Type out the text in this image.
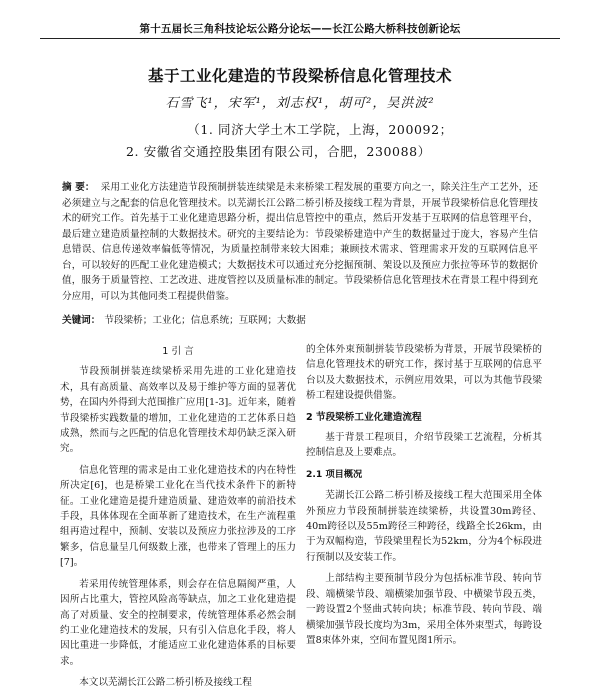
第十五届长三角科技论坛公路分论坛——长江公路大桥科技创新论坛
基于工业化建造的节段梁桥信息化管理技术
石雪飞¹，宋军¹，刘志权¹，胡可²，吴洪波²
（1. 同济大学土木工学院，上海，200092；
2. 安徽省交通控股集团有限公司，合肥，230088）
摘 要： 采用工业化方法建造节段预制拼装连续梁是未来桥梁工程发展的重要方向之一，除关注生产工艺外，还必须建立与之配套的信息化管理技术。以芜湖长江公路二桥引桥及接线工程为背景，开展节段梁桥信息化管理技术的研究工作。首先基于工业化建造思路分析，提出信息管控中的重点，然后开发基于互联网的信息管理平台，最后建立建造质量控制的大数据技术。研究的主要结论为：节段梁桥建造中产生的数据量过于庞大，容易产生信息错误、信息传递效率偏低等情况，为质量控制带来较大困难；兼顾技术需求、管理需求开发的互联网信息平台，可以较好的匹配工业化建造模式；大数据技术可以通过充分挖掘预制、架设以及预应力张拉等环节的数据价值，服务于质量管控、工艺改进、进度管控以及质量标准的制定。节段梁桥信息化管理技术在背景工程中得到充分应用，可以为其他同类工程提供借鉴。
关键词： 节段梁桥；工业化；信息系统；互联网；大数据
1 引 言

节段预制拼装连续梁桥采用先进的工业化建造技术，具有高质量、高效率以及易于维护等方面的显著优势，在国内外得到大范围推广应用[1-3]。近年来，随着节段梁桥实践数量的增加，工业化建造的工艺体系日趋成熟，然而与之匹配的信息化管理技术却仍缺乏深入研究。

信息化管理的需求是由工业化建造技术的内在特性所决定[6]，也是桥梁工业化在当代技术条件下的新特征。工业化建造是提升建造质量、建造效率的前沿技术手段，具体体现在全面革新了建造技术，在生产流程重组再造过程中，预制、安装以及预应力张拉涉及的工序繁多，信息量呈几何级数上涨，也带来了管理上的压力[7]。

若采用传统管理体系，则会存在信息隔阂严重，人因所占比重大，管控风险高等缺点，加之工业化建造提高了对质量、安全的控制要求，传统管理体系必然会制约工业化建造技术的发展，只有引入信息化手段，将人因比重进一步降低，才能适应工业化建造体系的目标要求。

本文以芜湖长江公路二桥引桥及接线工程

的全体外束预制拼装节段梁桥为背景，开展节段梁桥的信息化管理技术的研究工作，探讨基于互联网的信息平台以及大数据技术，示例应用效果，可以为其他节段梁桥工程建设提供借鉴。

2 节段梁桥工业化建造流程

基于背景工程项目，介绍节段梁工艺流程，分析其控制信息及上要难点。

2.1 项目概况

芜湖长江公路二桥引桥及接线工程大范围采用全体外预应力节段预制拼装连续梁桥，共设置30m跨径、40m跨径以及55m跨径三种跨径，线路全长26km，由于为双幅构造，节段梁里程长为52km，分为4个标段进行预制以及安装工作。

上部结构主要预制节段分为包括标准节段、转向节段、端横梁节段、端横梁加强节段、中横梁节段五类，一跨设置2个竖曲式转向块；标准节段、转向节段、端横梁加强节段长度均为3m，采用全体外束型式，每跨设置8束体外束，空间布置见图1所示。
